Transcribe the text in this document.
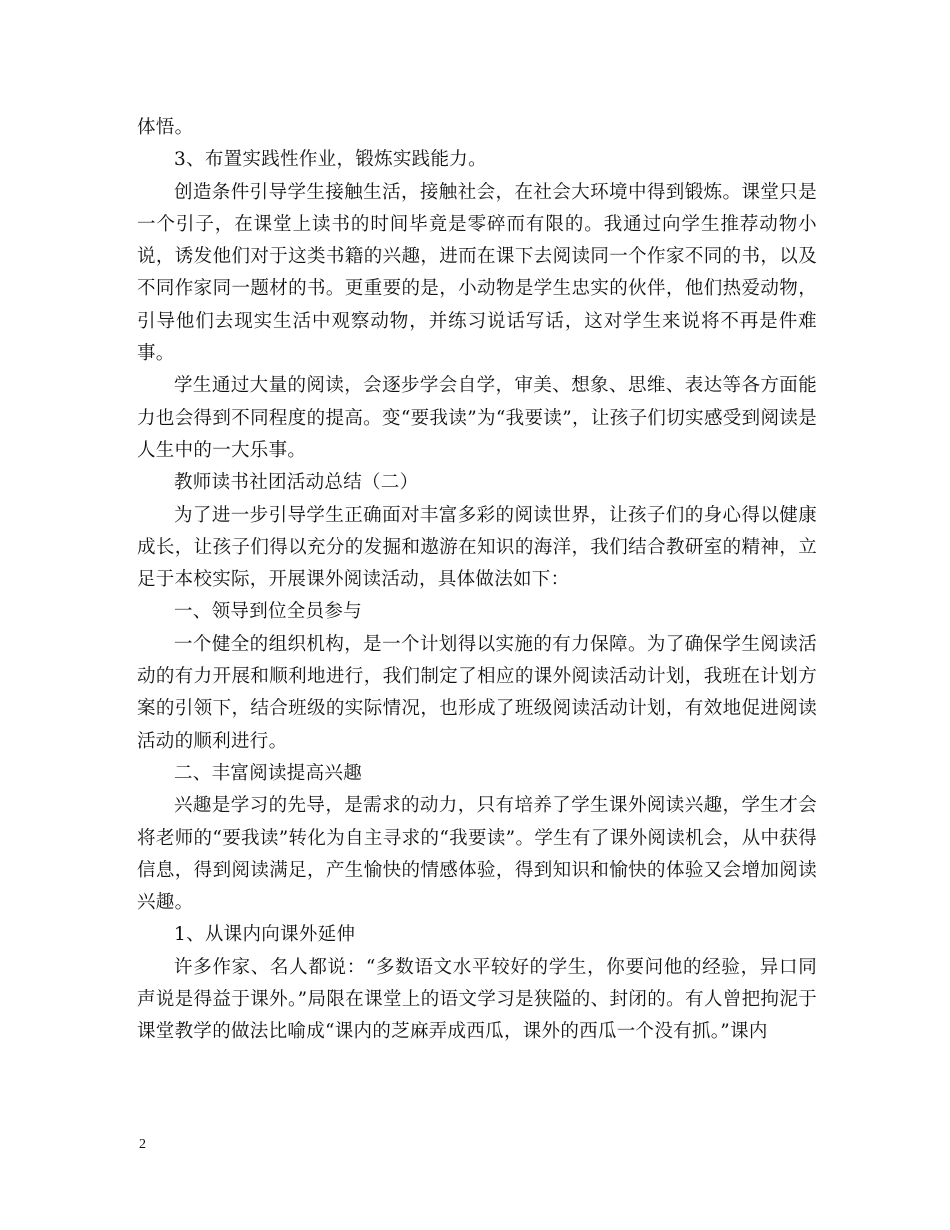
体悟。

3、布置实践性作业，锻炼实践能力。

创造条件引导学生接触生活，接触社会，在社会大环境中得到锻炼。课堂只是一个引子，在课堂上读书的时间毕竟是零碎而有限的。我通过向学生推荐动物小说，诱发他们对于这类书籍的兴趣，进而在课下去阅读同一个作家不同的书，以及不同作家同一题材的书。更重要的是，小动物是学生忠实的伙伴，他们热爱动物，引导他们去现实生活中观察动物，并练习说话写话，这对学生来说将不再是件难事。

学生通过大量的阅读，会逐步学会自学，审美、想象、思维、表达等各方面能力也会得到不同程度的提高。变“要我读”为“我要读”，让孩子们切实感受到阅读是人生中的一大乐事。

教师读书社团活动总结（二）

为了进一步引导学生正确面对丰富多彩的阅读世界，让孩子们的身心得以健康成长，让孩子们得以充分的发掘和遨游在知识的海洋，我们结合教研室的精神，立足于本校实际，开展课外阅读活动，具体做法如下：

一、领导到位全员参与

一个健全的组织机构，是一个计划得以实施的有力保障。为了确保学生阅读活动的有力开展和顺利地进行，我们制定了相应的课外阅读活动计划，我班在计划方案的引领下，结合班级的实际情况，也形成了班级阅读活动计划，有效地促进阅读活动的顺利进行。

二、丰富阅读提高兴趣

兴趣是学习的先导，是需求的动力，只有培养了学生课外阅读兴趣，学生才会将老师的“要我读”转化为自主寻求的“我要读”。学生有了课外阅读机会，从中获得信息，得到阅读满足，产生愉快的情感体验，得到知识和愉快的体验又会增加阅读兴趣。

1、从课内向课外延伸

许多作家、名人都说：“多数语文水平较好的学生，你要问他的经验，异口同声说是得益于课外。”局限在课堂上的语文学习是狭隘的、封闭的。有人曾把拘泥于课堂教学的做法比喻成“课内的芝麻弄成西瓜，课外的西瓜一个没有抓。”课内

2
